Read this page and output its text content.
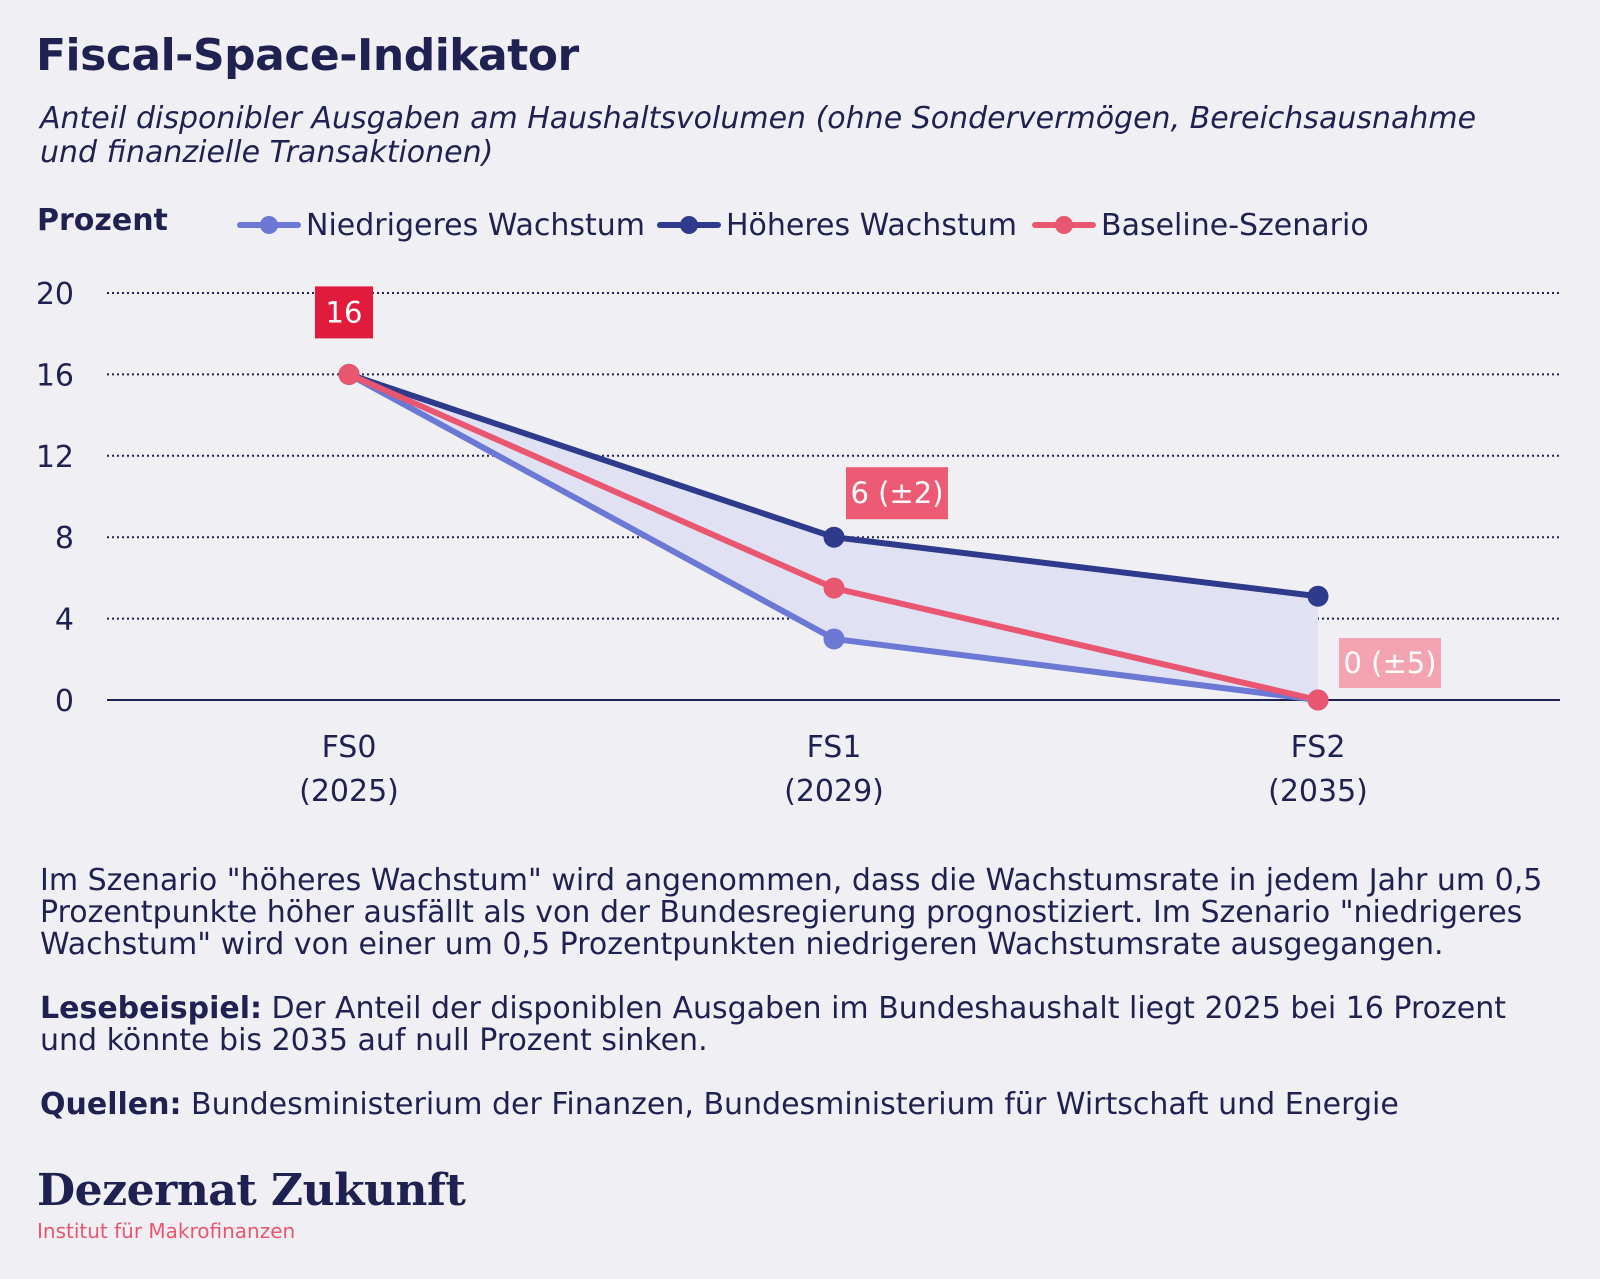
Fiscal-Space-Indikator
Anteil disponibler Ausgaben am Haushaltsvolumen (ohne Sondervermögen, Bereichsausnahme und finanzielle Transaktionen)
Prozent	Niedrigeres Wachstum	Höheres Wachstum	Baseline-Szenario
0
4
8
12
16
20
FS0
(2025)
FS1
(2029)
FS2
(2035)
16
6 (±2)
0 (±5)

Im Szenario "höheres Wachstum" wird angenommen, dass die Wachstumsrate in jedem Jahr um 0,5 Prozentpunkte höher ausfällt als von der Bundesregierung prognostiziert. Im Szenario "niedrigeres Wachstum" wird von einer um 0,5 Prozentpunkten niedrigeren Wachstumsrate ausgegangen.

Lesebeispiel: Der Anteil der disponiblen Ausgaben im Bundeshaushalt liegt 2025 bei 16 Prozent und könnte bis 2035 auf null Prozent sinken.

Quellen: Bundesministerium der Finanzen, Bundesministerium für Wirtschaft und Energie

Dezernat Zukunft
Institut für Makrofinanzen
